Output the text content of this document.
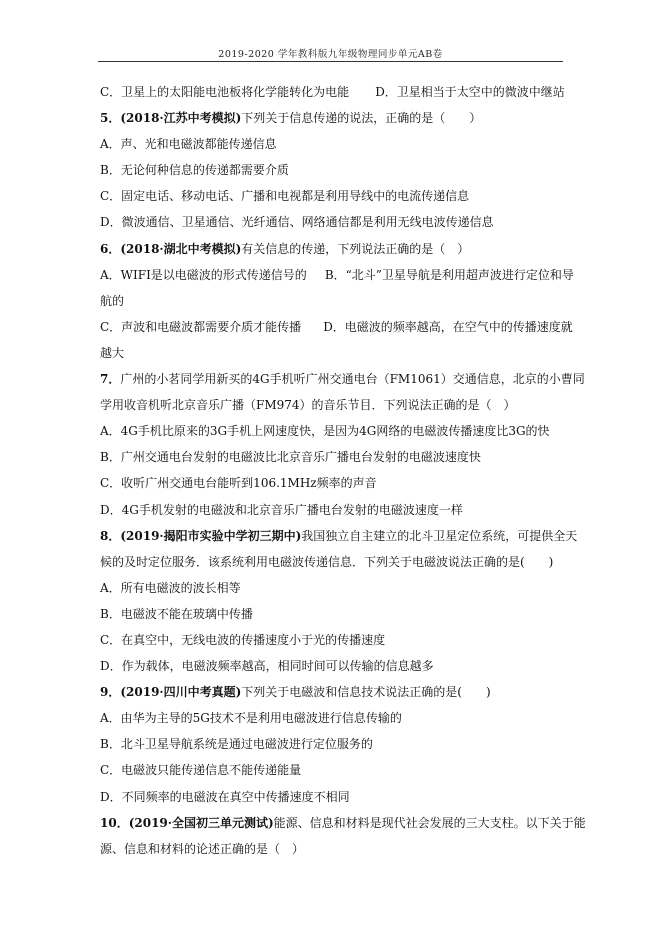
2019-2020 学年教科版九年级物理同步单元AB卷
C．卫星上的太阳能电池板将化学能转化为电能 D．卫星相当于太空中的微波中继站
5．(2018·江苏中考模拟)下列关于信息传递的说法，正确的是（　　）
A．声、光和电磁波都能传递信息
B．无论何种信息的传递都需要介质
C．固定电话、移动电话、广播和电视都是利用导线中的电流传递信息
D．微波通信、卫星通信、光纤通信、网络通信都是利用无线电波传递信息
6．(2018·湖北中考模拟)有关信息的传递，下列说法正确的是（　）
A．WIFI是以电磁波的形式传递信号的 B．“北斗”卫星导航是利用超声波进行定位和导
航的
C．声波和电磁波都需要介质才能传播 D．电磁波的频率越高，在空气中的传播速度就
越大
7．广州的小茗同学用新买的4G手机听广州交通电台（FM1061）交通信息，北京的小曹同
学用收音机听北京音乐广播（FM974）的音乐节目．下列说法正确的是（　）
A．4G手机比原来的3G手机上网速度快，是因为4G网络的电磁波传播速度比3G的快
B．广州交通电台发射的电磁波比北京音乐广播电台发射的电磁波速度快
C．收听广州交通电台能听到106.1MHz频率的声音
D．4G手机发射的电磁波和北京音乐广播电台发射的电磁波速度一样
8．(2019·揭阳市实验中学初三期中)我国独立自主建立的北斗卫星定位系统，可提供全天
候的及时定位服务．该系统利用电磁波传递信息．下列关于电磁波说法正确的是(　　)
A．所有电磁波的波长相等
B．电磁波不能在玻璃中传播
C．在真空中，无线电波的传播速度小于光的传播速度
D．作为载体，电磁波频率越高，相同时间可以传输的信息越多
9．(2019·四川中考真题)下列关于电磁波和信息技术说法正确的是(　　)
A．由华为主导的5G技术不是利用电磁波进行信息传输的
B．北斗卫星导航系统是通过电磁波进行定位服务的
C．电磁波只能传递信息不能传递能量
D．不同频率的电磁波在真空中传播速度不相同
10．(2019·全国初三单元测试)能源、信息和材料是现代社会发展的三大支柱。以下关于能
源、信息和材料的论述正确的是（　）
